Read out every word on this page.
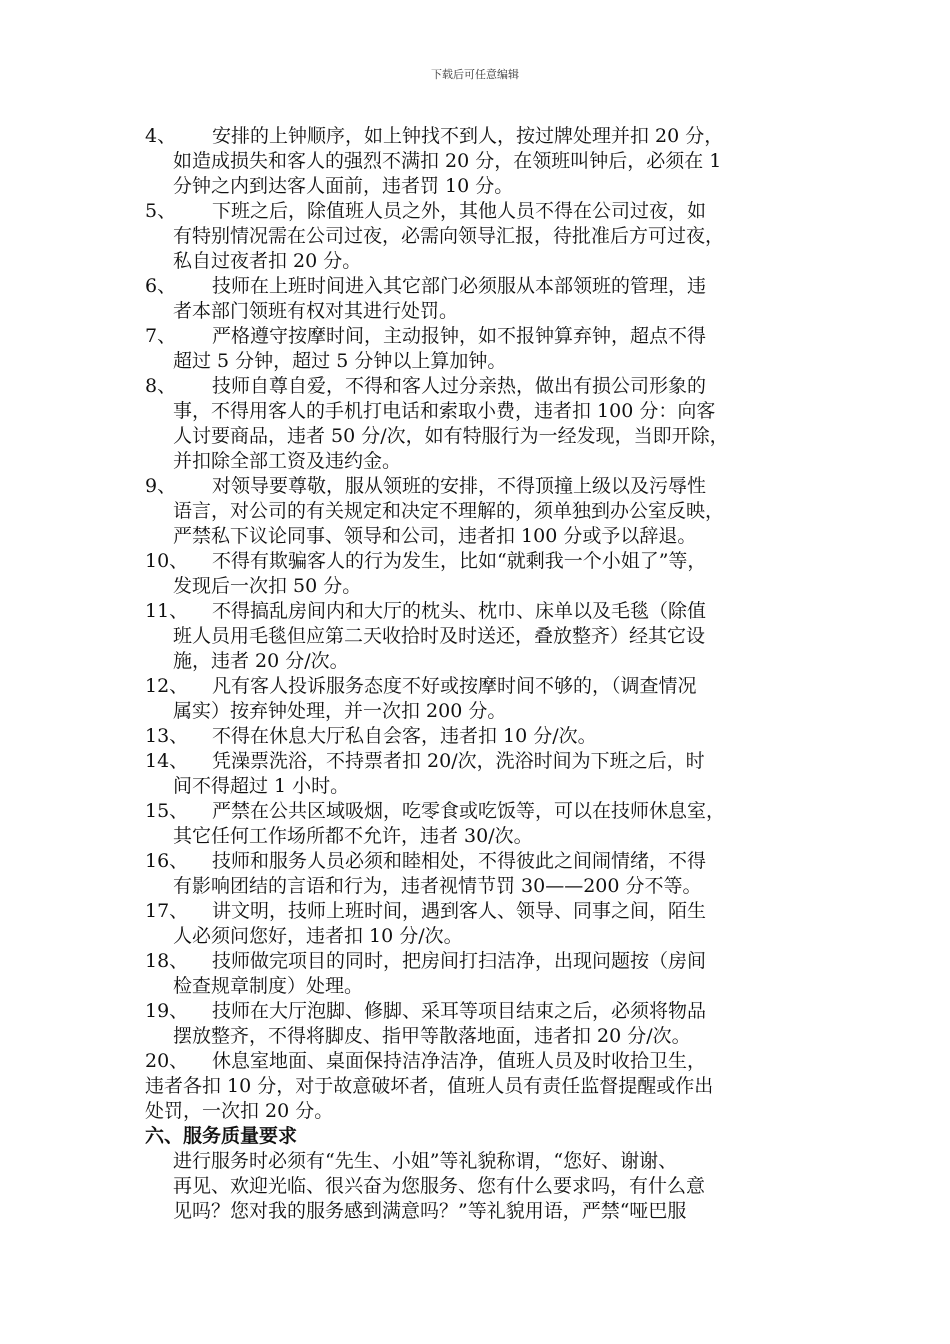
下载后可任意编辑
4、	安排的上钟顺序，如上钟找不到人，按过牌处理并扣 20 分，
如造成损失和客人的强烈不满扣 20 分，在领班叫钟后，必须在 1
分钟之内到达客人面前，违者罚 10 分。
5、	下班之后，除值班人员之外，其他人员不得在公司过夜，如
有特别情况需在公司过夜，必需向领导汇报，待批准后方可过夜，
私自过夜者扣 20 分。
6、	技师在上班时间进入其它部门必须服从本部领班的管理，违
者本部门领班有权对其进行处罚。
7、	严格遵守按摩时间，主动报钟，如不报钟算弃钟，超点不得
超过 5 分钟，超过 5 分钟以上算加钟。
8、	技师自尊自爱，不得和客人过分亲热，做出有损公司形象的
事，不得用客人的手机打电话和索取小费，违者扣 100 分：向客
人讨要商品，违者 50 分/次，如有特服行为一经发现，当即开除，
并扣除全部工资及违约金。
9、	对领导要尊敬，服从领班的安排，不得顶撞上级以及污辱性
语言，对公司的有关规定和决定不理解的，须单独到办公室反映，
严禁私下议论同事、领导和公司，违者扣 100 分或予以辞退。
10、	不得有欺骗客人的行为发生，比如“就剩我一个小姐了”等，
发现后一次扣 50 分。
11、	不得搞乱房间内和大厅的枕头、枕巾、床单以及毛毯（除值
班人员用毛毯但应第二天收拾时及时送还，叠放整齐）经其它设
施，违者 20 分/次。
12、	凡有客人投诉服务态度不好或按摩时间不够的，（调查情况
属实）按弃钟处理，并一次扣 200 分。
13、	不得在休息大厅私自会客，违者扣 10 分/次。
14、	凭澡票洗浴，不持票者扣 20/次，洗浴时间为下班之后，时
间不得超过 1 小时。
15、	严禁在公共区域吸烟，吃零食或吃饭等，可以在技师休息室，
其它任何工作场所都不允许，违者 30/次。
16、	技师和服务人员必须和睦相处，不得彼此之间闹情绪，不得
有影响团结的言语和行为，违者视情节罚 30——200 分不等。
17、	讲文明，技师上班时间，遇到客人、领导、同事之间，陌生
人必须问您好，违者扣 10 分/次。
18、	技师做完项目的同时，把房间打扫洁净，出现问题按（房间
检查规章制度）处理。
19、	技师在大厅泡脚、修脚、采耳等项目结束之后，必须将物品
摆放整齐，不得将脚皮、指甲等散落地面，违者扣 20 分/次。
20、	休息室地面、桌面保持洁净洁净，值班人员及时收拾卫生，
违者各扣 10 分，对于故意破坏者，值班人员有责任监督提醒或作出
处罚，一次扣 20 分。
六、服务质量要求
进行服务时必须有“先生、小姐”等礼貌称谓，“您好、谢谢、
再见、欢迎光临、很兴奋为您服务、您有什么要求吗，有什么意
见吗？您对我的服务感到满意吗？”等礼貌用语，严禁“哑巴服
